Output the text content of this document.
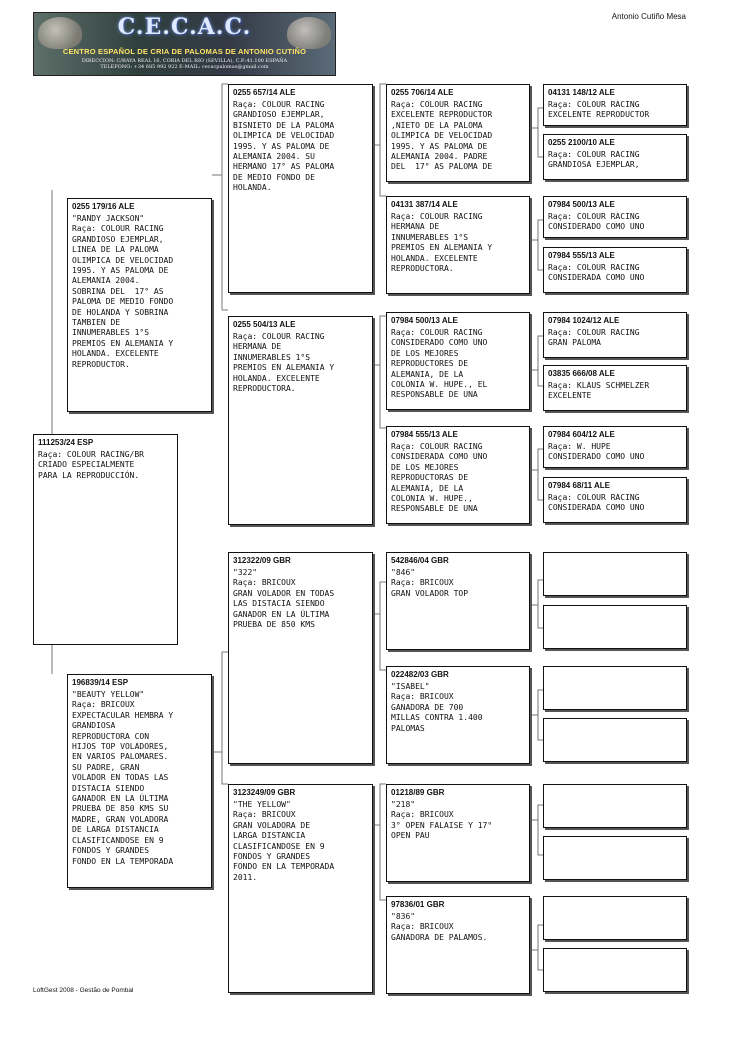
C.E.C.A.C.
CENTRO ESPAÑOL DE CRIA DE PALOMAS DE ANTONIO CUTIÑO
DIRECCION: C/RAYA REAL 16, CORIA DEL RIO (SEVILLA), C.P.:41.100 ESPAÑA
TELEFONO: +34 685 992 922 E-MAIL: cecacpalomas@gmail.com
Antonio Cutiño Mesa
111253/24 ESP
Raça: COLOUR RACING/BR
CRIADO ESPECIALMENTE
PARA LA REPRODUCCIÓN.
0255 179/16 ALE
"RANDY JACKSON"
Raça: COLOUR RACING
GRANDIOSO EJEMPLAR,
LINEA DE LA PALOMA
OLIMPICA DE VELOCIDAD
1995. Y AS PALOMA DE
ALEMANIA 2004.
SOBRINA DEL  17° AS
PALOMA DE MEDIO FONDO
DE HOLANDA Y SOBRINA
TAMBIEN DE
INNUMERABLES 1°S
PREMIOS EN ALEMANIA Y
HOLANDA. EXCELENTE
REPRODUCTOR.
196839/14 ESP
"BEAUTY YELLOW"
Raça: BRICOUX
EXPECTACULAR HEMBRA Y
GRANDIOSA
REPRODUCTORA CON
HIJOS TOP VOLADORES,
EN VARIOS PALOMARES.
SU PADRE, GRAN
VOLADOR EN TODAS LAS
DISTACIA SIENDO
GANADOR EN LA ÚLTIMA
PRUEBA DE 850 KMS SU
MADRE, GRAN VOLADORA
DE LARGA DISTANCIA
CLASIFICANDOSE EN 9
FONDOS Y GRANDES
FONDO EN LA TEMPORADA
0255 657/14 ALE
Raça: COLOUR RACING
GRANDIOSO EJEMPLAR,
BISNIETO DE LA PALOMA
OLIMPICA DE VELOCIDAD
1995. Y AS PALOMA DE
ALEMANIA 2004. SU
HERMANO 17° AS PALOMA
DE MEDIO FONDO DE
HOLANDA.
0255 504/13 ALE
Raça: COLOUR RACING
HERMANA DE
INNUMERABLES 1°S
PREMIOS EN ALEMANIA Y
HOLANDA. EXCELENTE
REPRODUCTORA.
312322/09 GBR
"322"
Raça: BRICOUX
GRAN VOLADOR EN TODAS
LAS DISTACIA SIENDO
GANADOR EN LA ÚLTIMA
PRUEBA DE 850 KMS
3123249/09 GBR
"THE YELLOW"
Raça: BRICOUX
GRAN VOLADORA DE
LARGA DISTANCIA
CLASIFICANDOSE EN 9
FONDOS Y GRANDES
FONDO EN LA TEMPORADA
2011.
0255 706/14 ALE
Raça: COLOUR RACING
EXCELENTE REPRODUCTOR
,NIETO DE LA PALOMA
OLIMPICA DE VELOCIDAD
1995. Y AS PALOMA DE
ALEMANIA 2004. PADRE
DEL  17° AS PALOMA DE
04131 387/14 ALE
Raça: COLOUR RACING
HERMANA DE
INNUMERABLES 1°S
PREMIOS EN ALEMANIA Y
HOLANDA. EXCELENTE
REPRODUCTORA.
07984 500/13 ALE
Raça: COLOUR RACING
CONSIDERADO COMO UNO
DE LOS MEJORES
REPRODUCTORES DE
ALEMANIA, DE LA
COLONIA W. HUPE., EL
RESPONSABLE DE UNA
07984 555/13 ALE
Raça: COLOUR RACING
CONSIDERADA COMO UNO
DE LOS MEJORES
REPRODUCTORAS DE
ALEMANIA, DE LA
COLONIA W. HUPE.,
RESPONSABLE DE UNA
542846/04 GBR
"846"
Raça: BRICOUX
GRAN VOLADOR TOP
022482/03 GBR
"ISABEL"
Raça: BRICOUX
GANADORA DE 700
MILLAS CONTRA 1.400
PALOMAS
01218/89 GBR
"218"
Raça: BRICOUX
3° OPEN FALAISE Y 17°
OPEN PAU
97836/01 GBR
"836"
Raça: BRICOUX
GANADORA DE PALAMOS.
04131 148/12 ALE
Raça: COLOUR RACING
EXCELENTE REPRODUCTOR
0255 2100/10 ALE
Raça: COLOUR RACING
GRANDIOSA EJEMPLAR,
07984 500/13 ALE
Raça: COLOUR RACING
CONSIDERADO COMO UNO
07984 555/13 ALE
Raça: COLOUR RACING
CONSIDERADA COMO UNO
07984 1024/12 ALE
Raça: COLOUR RACING
GRAN PALOMA
03835 666/08 ALE
Raça: KLAUS SCHMELZER
EXCELENTE
07984 604/12 ALE
Raça: W. HUPE
CONSIDERADO COMO UNO
07984 68/11 ALE
Raça: COLOUR RACING
CONSIDERADA COMO UNO
LoftGest 2008 - Gestão de Pombal
